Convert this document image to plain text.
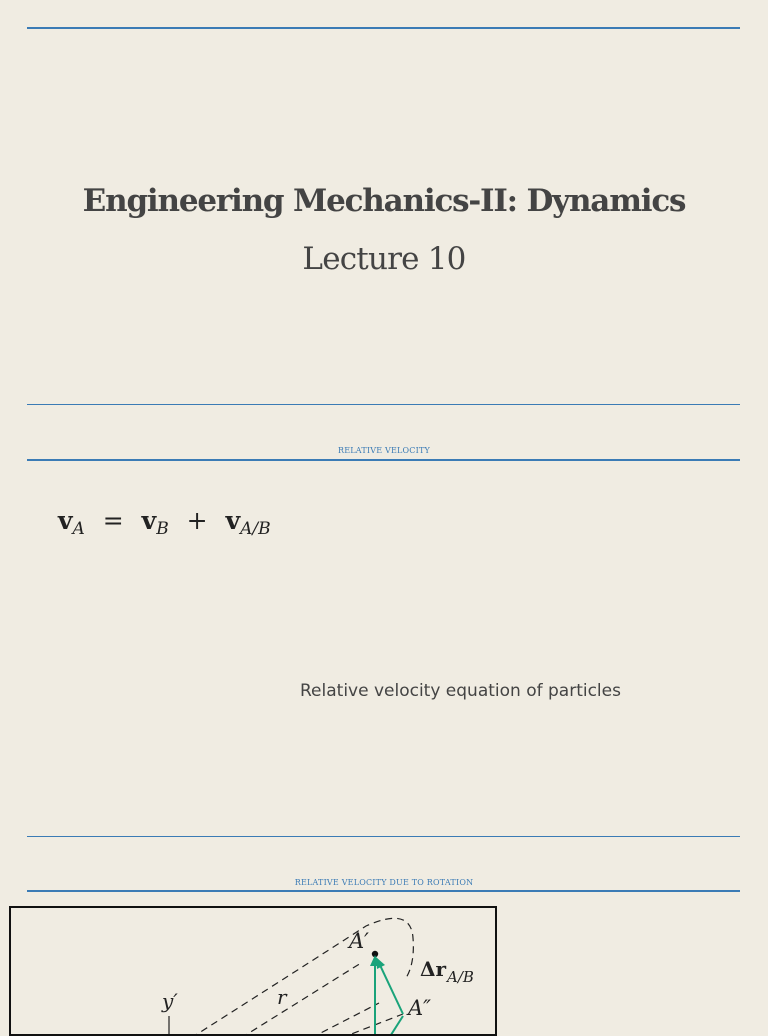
Engineering Mechanics-II: Dynamics
Lecture 10
RELATIVE VELOCITY
$v_A = v_B + v_{A/B}$
Relative velocity equation of particles
RELATIVE VELOCITY DUE TO ROTATION
A′
Δr A/B
A″
y′	r
